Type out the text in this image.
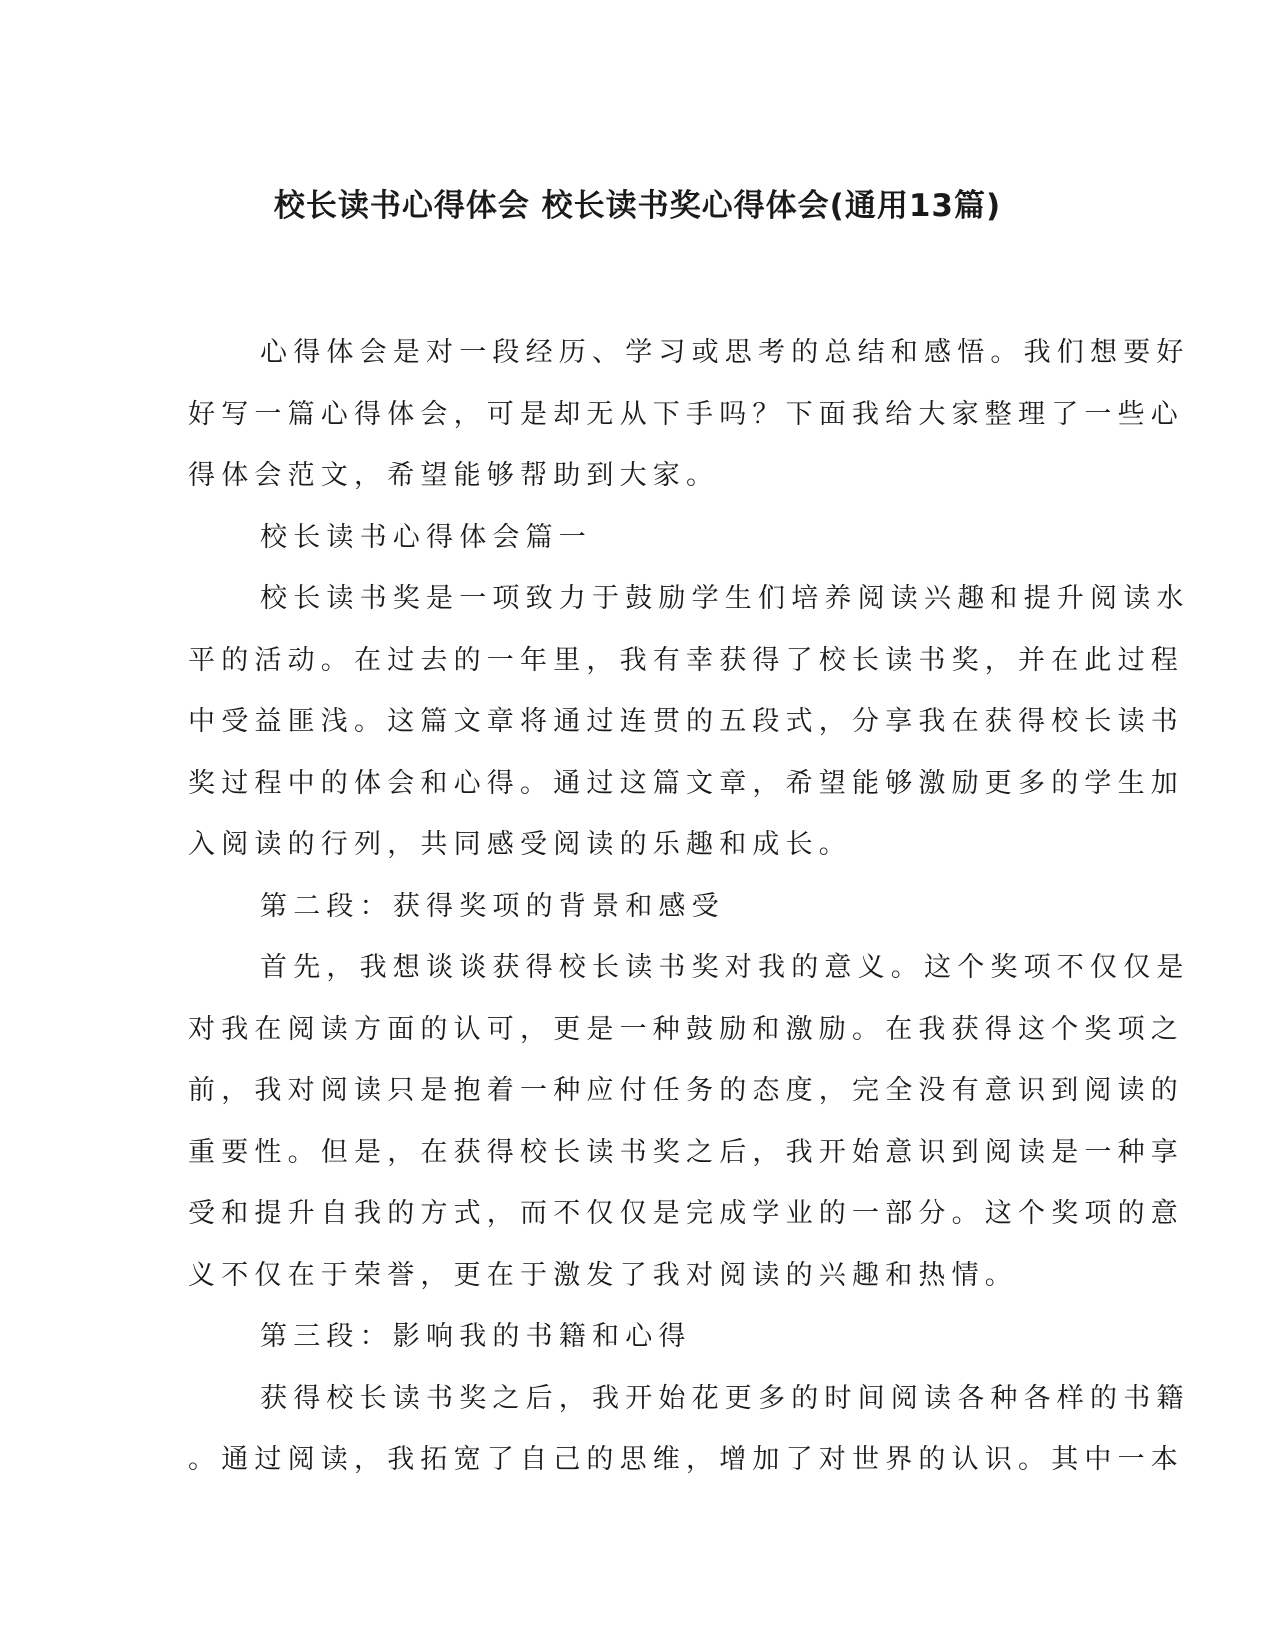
校长读书心得体会 校长读书奖心得体会(通用13篇)
心得体会是对一段经历、学习或思考的总结和感悟。我们想要好
好写一篇心得体会，可是却无从下手吗？下面我给大家整理了一些心
得体会范文，希望能够帮助到大家。
校长读书心得体会篇一
校长读书奖是一项致力于鼓励学生们培养阅读兴趣和提升阅读水
平的活动。在过去的一年里，我有幸获得了校长读书奖，并在此过程
中受益匪浅。这篇文章将通过连贯的五段式，分享我在获得校长读书
奖过程中的体会和心得。通过这篇文章，希望能够激励更多的学生加
入阅读的行列，共同感受阅读的乐趣和成长。
第二段：获得奖项的背景和感受
首先，我想谈谈获得校长读书奖对我的意义。这个奖项不仅仅是
对我在阅读方面的认可，更是一种鼓励和激励。在我获得这个奖项之
前，我对阅读只是抱着一种应付任务的态度，完全没有意识到阅读的
重要性。但是，在获得校长读书奖之后，我开始意识到阅读是一种享
受和提升自我的方式，而不仅仅是完成学业的一部分。这个奖项的意
义不仅在于荣誉，更在于激发了我对阅读的兴趣和热情。
第三段：影响我的书籍和心得
获得校长读书奖之后，我开始花更多的时间阅读各种各样的书籍
。通过阅读，我拓宽了自己的思维，增加了对世界的认识。其中一本
